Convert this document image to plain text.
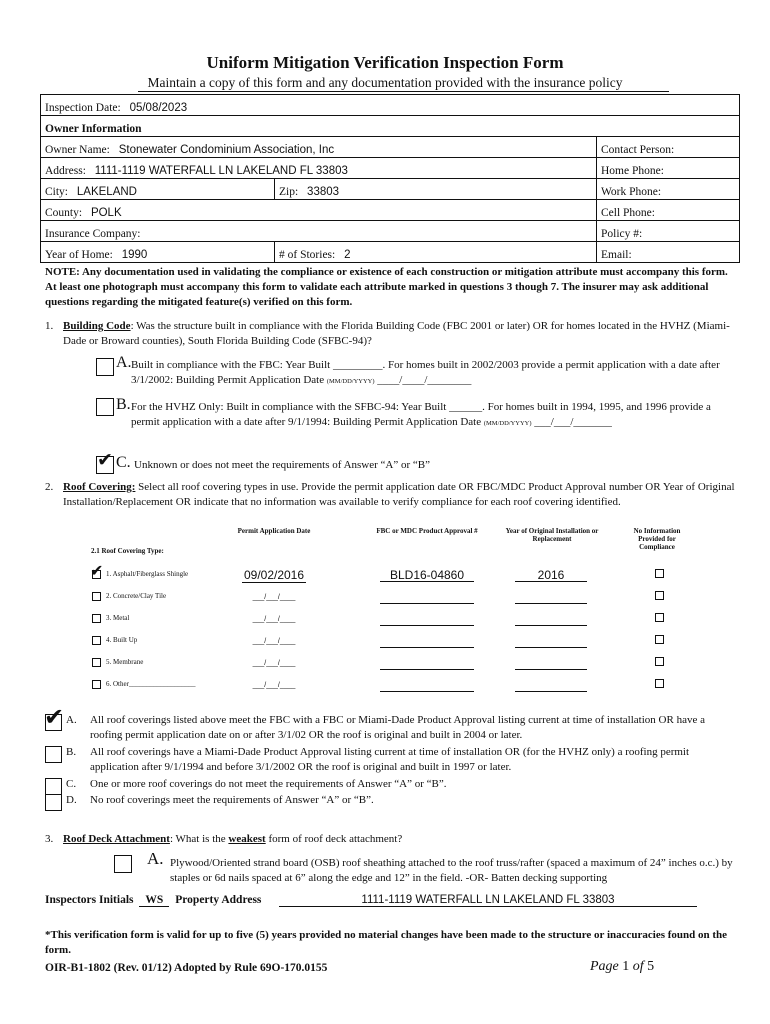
Uniform Mitigation Verification Inspection Form
Maintain a copy of this form and any documentation provided with the insurance policy
Inspection Date: 05/08/2023		
Owner Information		
Owner Name: Stonewater Condominium Association, Inc		Contact Person:
Address: 1111-1119 WATERFALL LN LAKELAND FL 33803		Home Phone:
City: LAKELAND	Zip: 33803	Work Phone:
County: POLK		Cell Phone:
Insurance Company:		Policy #:
Year of Home: 1990	# of Stories: 2	Email:
NOTE: Any documentation used in validating the compliance or existence of each construction or mitigation attribute must accompany this form. At least one photograph must accompany this form to validate each attribute marked in questions 3 though 7. The insurer may ask additional questions regarding the mitigated feature(s) verified on this form.
1. Building Code: Was the structure built in compliance with the Florida Building Code (FBC 2001 or later) OR for homes located in the HVHZ (Miami-Dade or Broward counties), South Florida Building Code (SFBC-94)?
A. Built in compliance with the FBC: Year Built _________. For homes built in 2002/2003 provide a permit application with a date after 3/1/2002: Building Permit Application Date (MM/DD/YYYY) ____/____/________
B. For the HVHZ Only: Built in compliance with the SFBC-94: Year Built ______. For homes built in 1994, 1995, and 1996 provide a permit application with a date after 9/1/1994: Building Permit Application Date (MM/DD/YYYY) ___/___/_______
✔ C. Unknown or does not meet the requirements of Answer “A” or “B”
2. Roof Covering: Select all roof covering types in use. Provide the permit application date OR FBC/MDC Product Approval number OR Year of Original Installation/Replacement OR indicate that no information was available to verify compliance for each roof covering identified.
Permit Application Date	FBC or MDC Product Approval #	Year of Original Installation or Replacement
No Information Provided for Compliance
2.1 Roof Covering Type:
✔ 1. Asphalt/Fiberglass Shingle	09/02/2016	BLD16-04860	2016
2. Concrete/Clay Tile	___/___/____
3. Metal	___/___/____
4. Built Up	___/___/____
5. Membrane	___/___/____
6. Other___________________	___/___/____
✔ A. All roof coverings listed above meet the FBC with a FBC or Miami-Dade Product Approval listing current at time of installation OR have a roofing permit application date on or after 3/1/02 OR the roof is original and built in 2004 or later.
B. All roof coverings have a Miami-Dade Product Approval listing current at time of installation OR (for the HVHZ only) a roofing permit application after 9/1/1994 and before 3/1/2002 OR the roof is original and built in 1997 or later.
C. One or more roof coverings do not meet the requirements of Answer “A” or “B”.
D. No roof coverings meet the requirements of Answer “A” or “B”.
3. Roof Deck Attachment: What is the weakest form of roof deck attachment?
A. Plywood/Oriented strand board (OSB) roof sheathing attached to the roof truss/rafter (spaced a maximum of 24” inches o.c.) by staples or 6d nails spaced at 6” along the edge and 12” in the field. -OR- Batten decking supporting
Inspectors Initials WS Property Address	1111-1119 WATERFALL LN LAKELAND FL 33803
*This verification form is valid for up to five (5) years provided no material changes have been made to the structure or inaccuracies found on the form.
OIR-B1-1802 (Rev. 01/12) Adopted by Rule 69O-170.0155	Page 1 of 5
